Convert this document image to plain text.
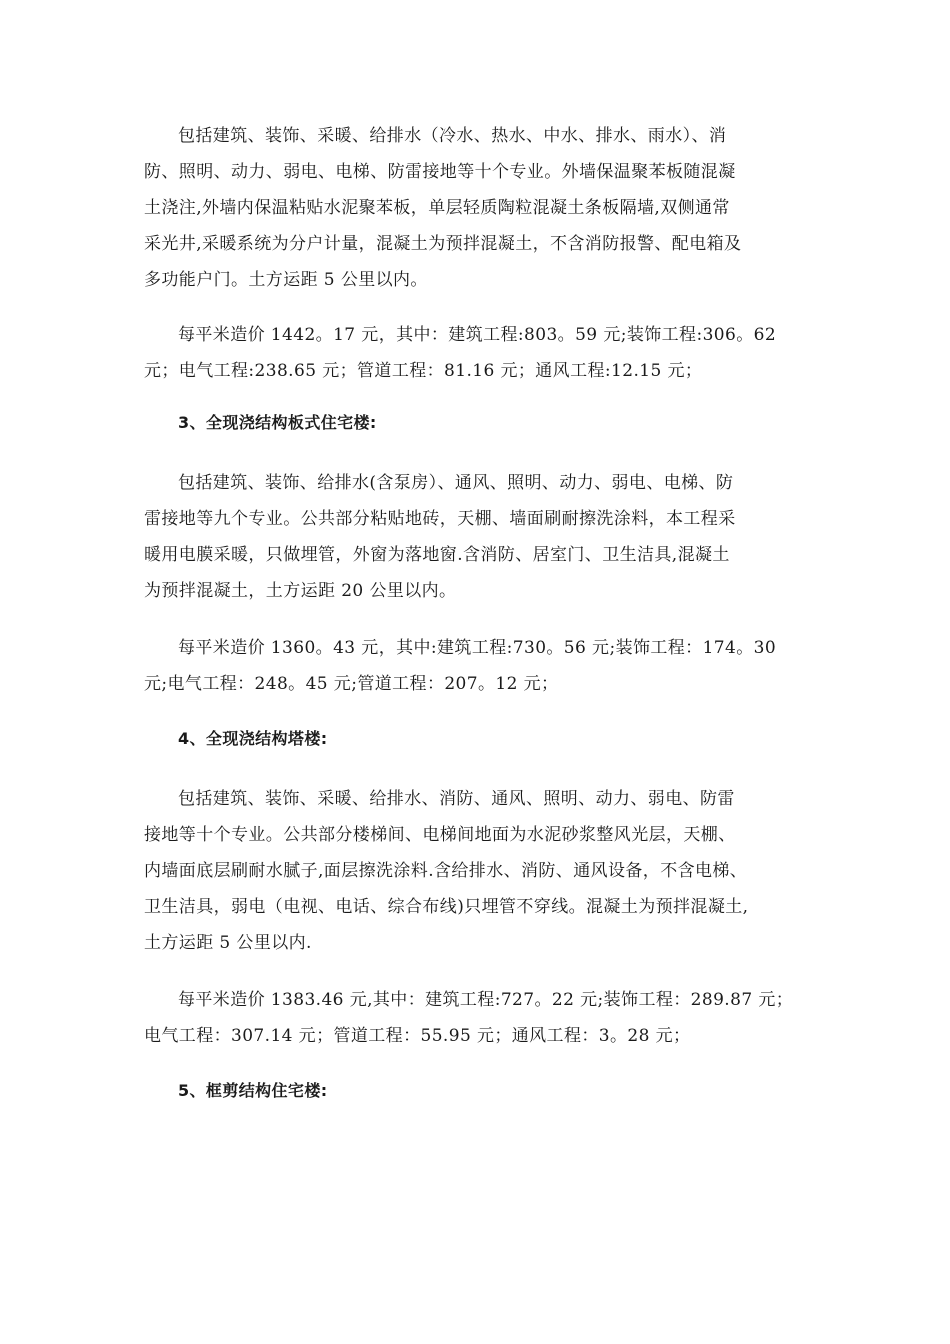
包括建筑、装饰、采暖、给排水（冷水、热水、中水、排水、雨水）、消
防、照明、动力、弱电、电梯、防雷接地等十个专业。外墙保温聚苯板随混凝
土浇注,外墙内保温粘贴水泥聚苯板，单层轻质陶粒混凝土条板隔墙,双侧通常
采光井,采暖系统为分户计量，混凝土为预拌混凝土，不含消防报警、配电箱及
多功能户门。土方运距 5 公里以内。
每平米造价 1442。17 元，其中：建筑工程:803。59 元;装饰工程:306。62
元；电气工程:238.65 元；管道工程：81.16 元；通风工程:12.15 元；
3、全现浇结构板式住宅楼:
包括建筑、装饰、给排水(含泵房）、通风、照明、动力、弱电、电梯、防
雷接地等九个专业。公共部分粘贴地砖，天棚、墙面刷耐擦洗涂料，本工程采
暖用电膜采暖，只做埋管，外窗为落地窗.含消防、居室门、卫生洁具,混凝土
为预拌混凝土，土方运距 20 公里以内。
每平米造价 1360。43 元，其中:建筑工程:730。56 元;装饰工程：174。30
元;电气工程：248。45 元;管道工程：207。12 元；
4、全现浇结构塔楼:
包括建筑、装饰、采暖、给排水、消防、通风、照明、动力、弱电、防雷
接地等十个专业。公共部分楼梯间、电梯间地面为水泥砂浆整风光层，天棚、
内墙面底层刷耐水腻子,面层擦洗涂料.含给排水、消防、通风设备，不含电梯、
卫生洁具，弱电（电视、电话、综合布线)只埋管不穿线。混凝土为预拌混凝土,
土方运距 5 公里以内.
每平米造价 1383.46 元,其中：建筑工程:727。22 元;装饰工程：289.87 元；
电气工程：307.14 元；管道工程：55.95 元；通风工程：3。28 元；
5、框剪结构住宅楼:
